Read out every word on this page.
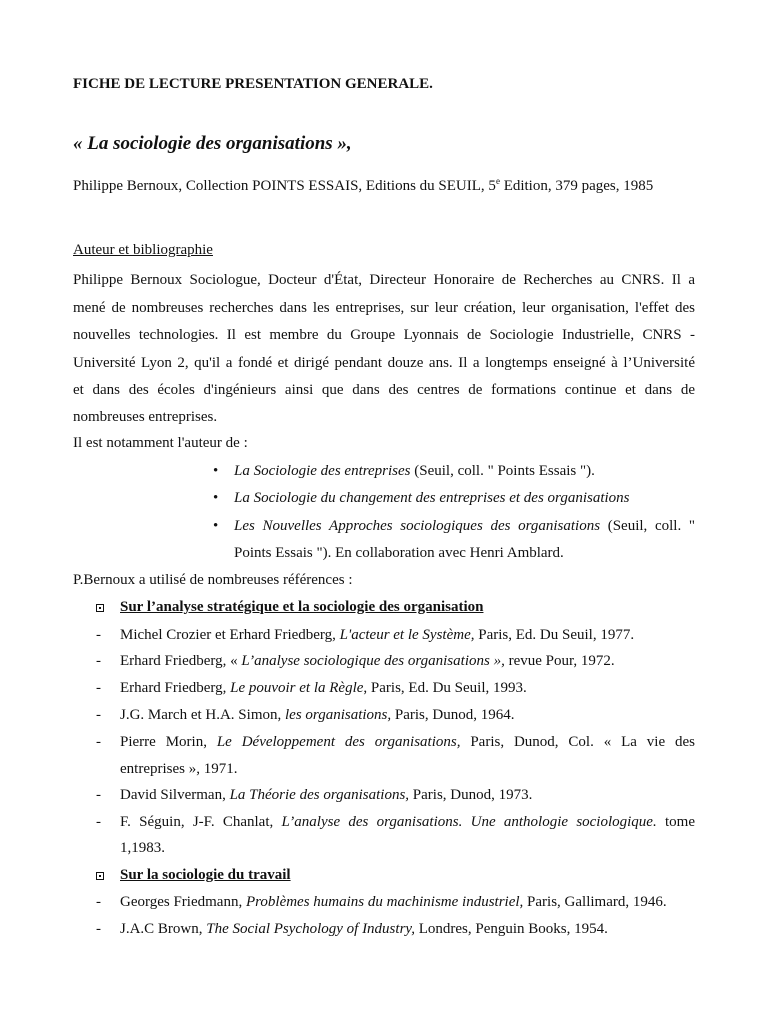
FICHE DE LECTURE PRESENTATION GENERALE.
« La sociologie des organisations »,
Philippe Bernoux, Collection POINTS ESSAIS, Editions du SEUIL, 5e Edition, 379 pages, 1985
Auteur et bibliographie
Philippe Bernoux Sociologue, Docteur d'État, Directeur Honoraire de Recherches au CNRS. Il a
mené de nombreuses recherches dans les entreprises, sur leur création, leur organisation, l'effet des
nouvelles technologies. Il est membre du Groupe Lyonnais de Sociologie Industrielle, CNRS -
Université Lyon 2, qu'il a fondé et dirigé pendant douze ans. Il a longtemps enseigné à l’Université
et dans des écoles d'ingénieurs ainsi que dans des centres de formations continue et dans de
nombreuses entreprises.
Il est notamment l'auteur de :
• La Sociologie des entreprises (Seuil, coll. " Points Essais ").
• La Sociologie du changement des entreprises et des organisations
• Les Nouvelles Approches sociologiques des organisations (Seuil, coll. "
Points Essais "). En collaboration avec Henri Amblard.
P.Bernoux a utilisé de nombreuses références :
Sur l’analyse stratégique et la sociologie des organisation
- Michel Crozier et Erhard Friedberg, L'acteur et le Système, Paris, Ed. Du Seuil, 1977.
- Erhard Friedberg, « L’analyse sociologique des organisations », revue Pour, 1972.
- Erhard Friedberg, Le pouvoir et la Règle, Paris, Ed. Du Seuil, 1993.
- J.G. March et H.A. Simon, les organisations, Paris, Dunod, 1964.
- Pierre Morin, Le Développement des organisations, Paris, Dunod, Col. « La vie des
entreprises », 1971.
- David Silverman, La Théorie des organisations, Paris, Dunod, 1973.
- F. Séguin, J-F. Chanlat, L’analyse des organisations. Une anthologie sociologique. tome
1,1983.
Sur la sociologie du travail
- Georges Friedmann, Problèmes humains du machinisme industriel, Paris, Gallimard, 1946.
- J.A.C Brown, The Social Psychology of Industry, Londres, Penguin Books, 1954.
